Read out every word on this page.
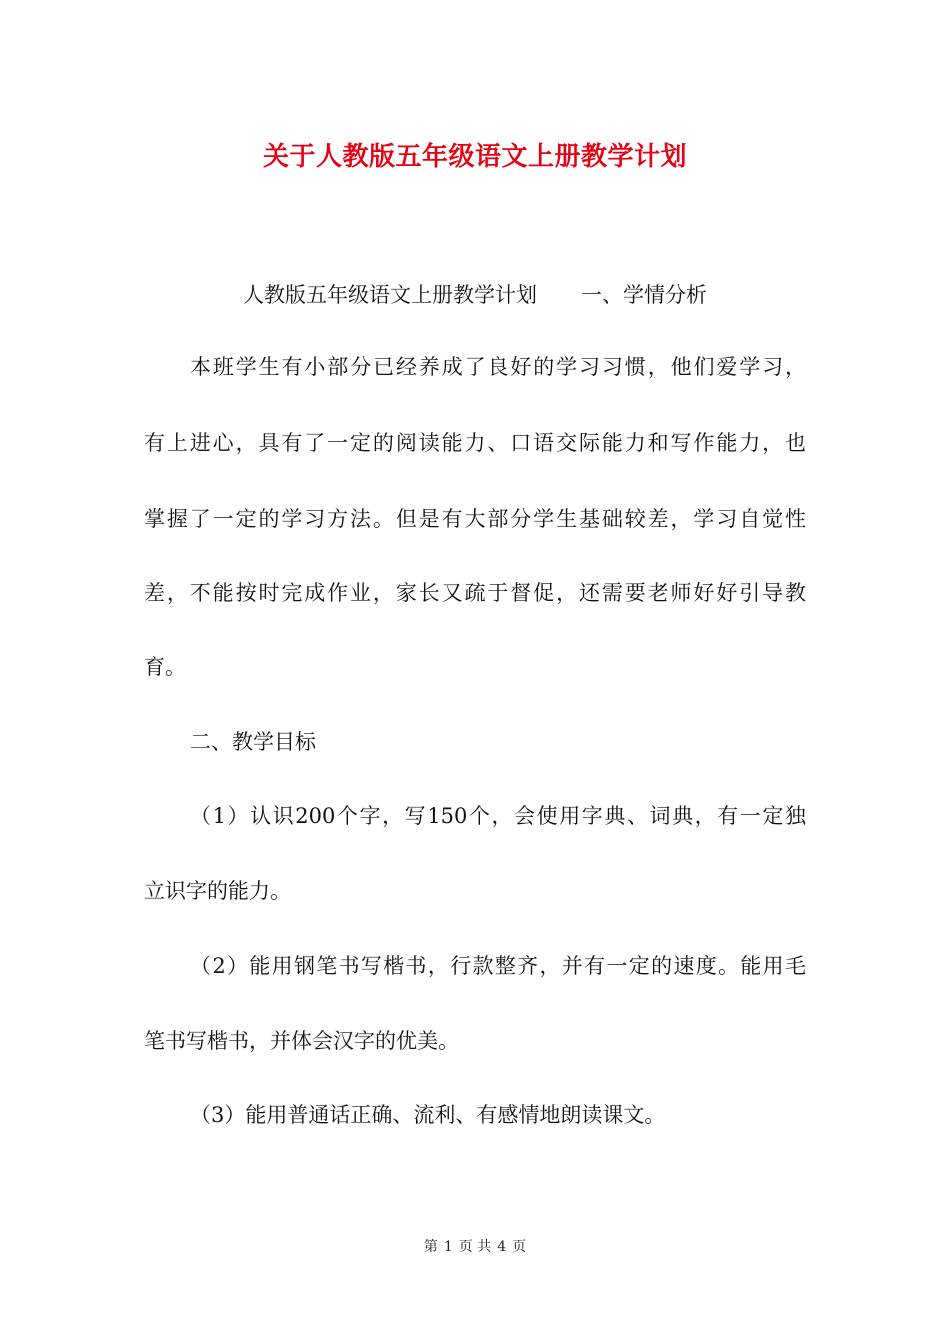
关于人教版五年级语文上册教学计划

人教版五年级语文上册教学计划 一、学情分析

本班学生有小部分已经养成了良好的学习习惯，他们爱学习，

有上进心，具有了一定的阅读能力、口语交际能力和写作能力，也

掌握了一定的学习方法。但是有大部分学生基础较差，学习自觉性

差，不能按时完成作业，家长又疏于督促，还需要老师好好引导教

育。

二、教学目标

（1）认识200个字，写150个，会使用字典、词典，有一定独

立识字的能力。

（2）能用钢笔书写楷书，行款整齐，并有一定的速度。能用毛

笔书写楷书，并体会汉字的优美。

（3）能用普通话正确、流利、有感情地朗读课文。

第 1 页 共 4 页
